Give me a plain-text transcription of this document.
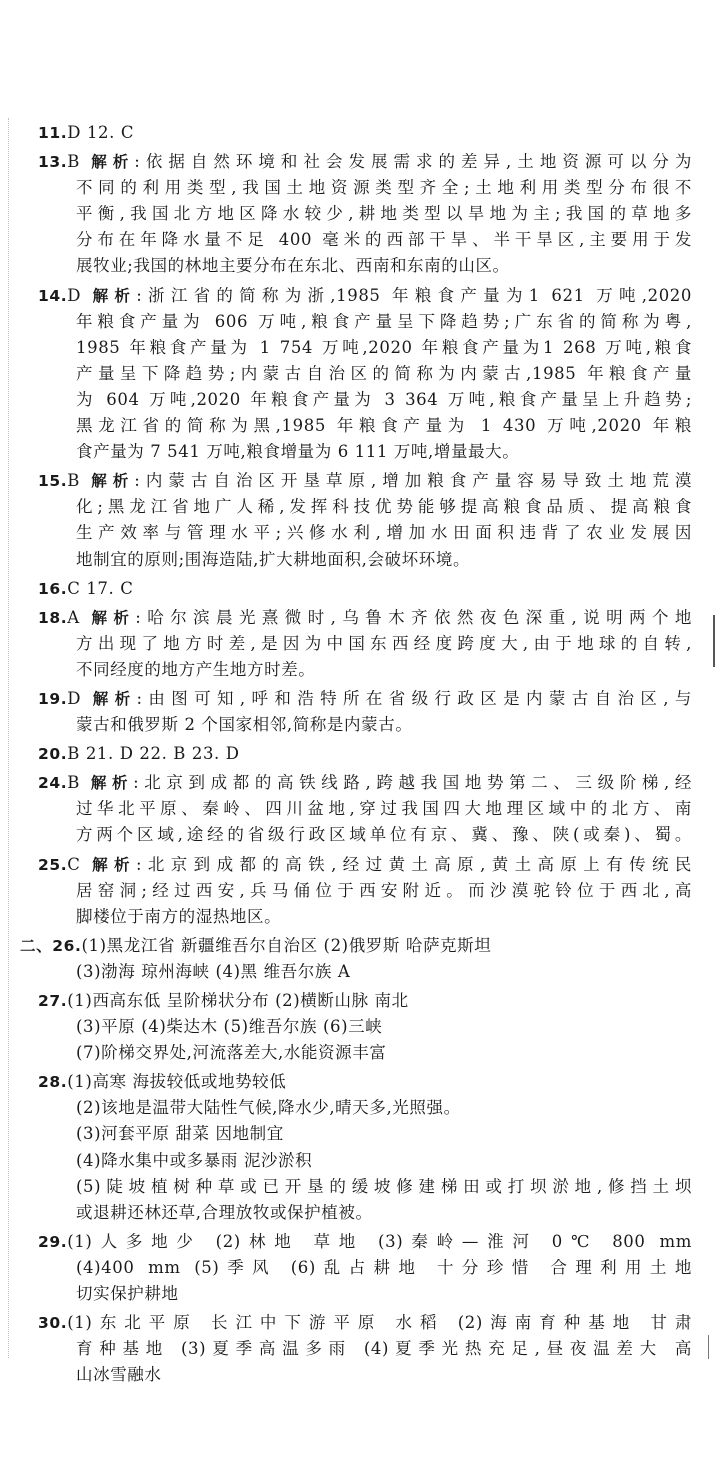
11.D 12. C
13.B 解析:依据自然环境和社会发展需求的差异,土地资源可以分为
不同的利用类型,我国土地资源类型齐全;土地利用类型分布很不
平衡,我国北方地区降水较少,耕地类型以旱地为主;我国的草地多
分布在年降水量不足 400 毫米的西部干旱、半干旱区,主要用于发
展牧业;我国的林地主要分布在东北、西南和东南的山区。
14.D 解析:浙江省的简称为浙,1985 年粮食产量为1 621 万吨,2020
年粮食产量为 606 万吨,粮食产量呈下降趋势;广东省的简称为粤,
1985 年粮食产量为 1 754 万吨,2020 年粮食产量为1 268 万吨,粮食
产量呈下降趋势;内蒙古自治区的简称为内蒙古,1985 年粮食产量
为 604 万吨,2020 年粮食产量为 3 364 万吨,粮食产量呈上升趋势;
黑龙江省的简称为黑,1985 年粮食产量为 1 430 万吨,2020 年粮
食产量为 7 541 万吨,粮食增量为 6 111 万吨,增量最大。
15.B 解析:内蒙古自治区开垦草原,增加粮食产量容易导致土地荒漠
化;黑龙江省地广人稀,发挥科技优势能够提高粮食品质、提高粮食
生产效率与管理水平;兴修水利,增加水田面积违背了农业发展因
地制宜的原则;围海造陆,扩大耕地面积,会破坏环境。
16.C 17. C
18.A 解析:哈尔滨晨光熹微时,乌鲁木齐依然夜色深重,说明两个地
方出现了地方时差,是因为中国东西经度跨度大,由于地球的自转,
不同经度的地方产生地方时差。
19.D 解析:由图可知,呼和浩特所在省级行政区是内蒙古自治区,与
蒙古和俄罗斯 2 个国家相邻,简称是内蒙古。
20.B 21. D 22. B 23. D
24.B 解析:北京到成都的高铁线路,跨越我国地势第二、三级阶梯,经
过华北平原、秦岭、四川盆地,穿过我国四大地理区域中的北方、南
方两个区域,途经的省级行政区域单位有京、冀、豫、陕(或秦)、蜀。
25.C 解析:北京到成都的高铁,经过黄土高原,黄土高原上有传统民
居窑洞;经过西安,兵马俑位于西安附近。而沙漠驼铃位于西北,高
脚楼位于南方的湿热地区。
二、26.(1)黑龙江省 新疆维吾尔自治区 (2)俄罗斯 哈萨克斯坦
(3)渤海 琼州海峡 (4)黑 维吾尔族 A
27.(1)西高东低 呈阶梯状分布 (2)横断山脉 南北
(3)平原 (4)柴达木 (5)维吾尔族 (6)三峡
(7)阶梯交界处,河流落差大,水能资源丰富
28.(1)高寒 海拔较低或地势较低
(2)该地是温带大陆性气候,降水少,晴天多,光照强。
(3)河套平原 甜菜 因地制宜
(4)降水集中或多暴雨 泥沙淤积
(5)陡坡植树种草或已开垦的缓坡修建梯田或打坝淤地,修挡土坝
或退耕还林还草,合理放牧或保护植被。
29.(1)人多地少 (2)林地 草地 (3)秦岭—淮河 0℃ 800 mm
(4)400 mm (5)季风 (6)乱占耕地 十分珍惜 合理利用土地
切实保护耕地
30.(1)东北平原 长江中下游平原 水稻 (2)海南育种基地 甘肃
育种基地 (3)夏季高温多雨 (4)夏季光热充足,昼夜温差大 高
山冰雪融水
